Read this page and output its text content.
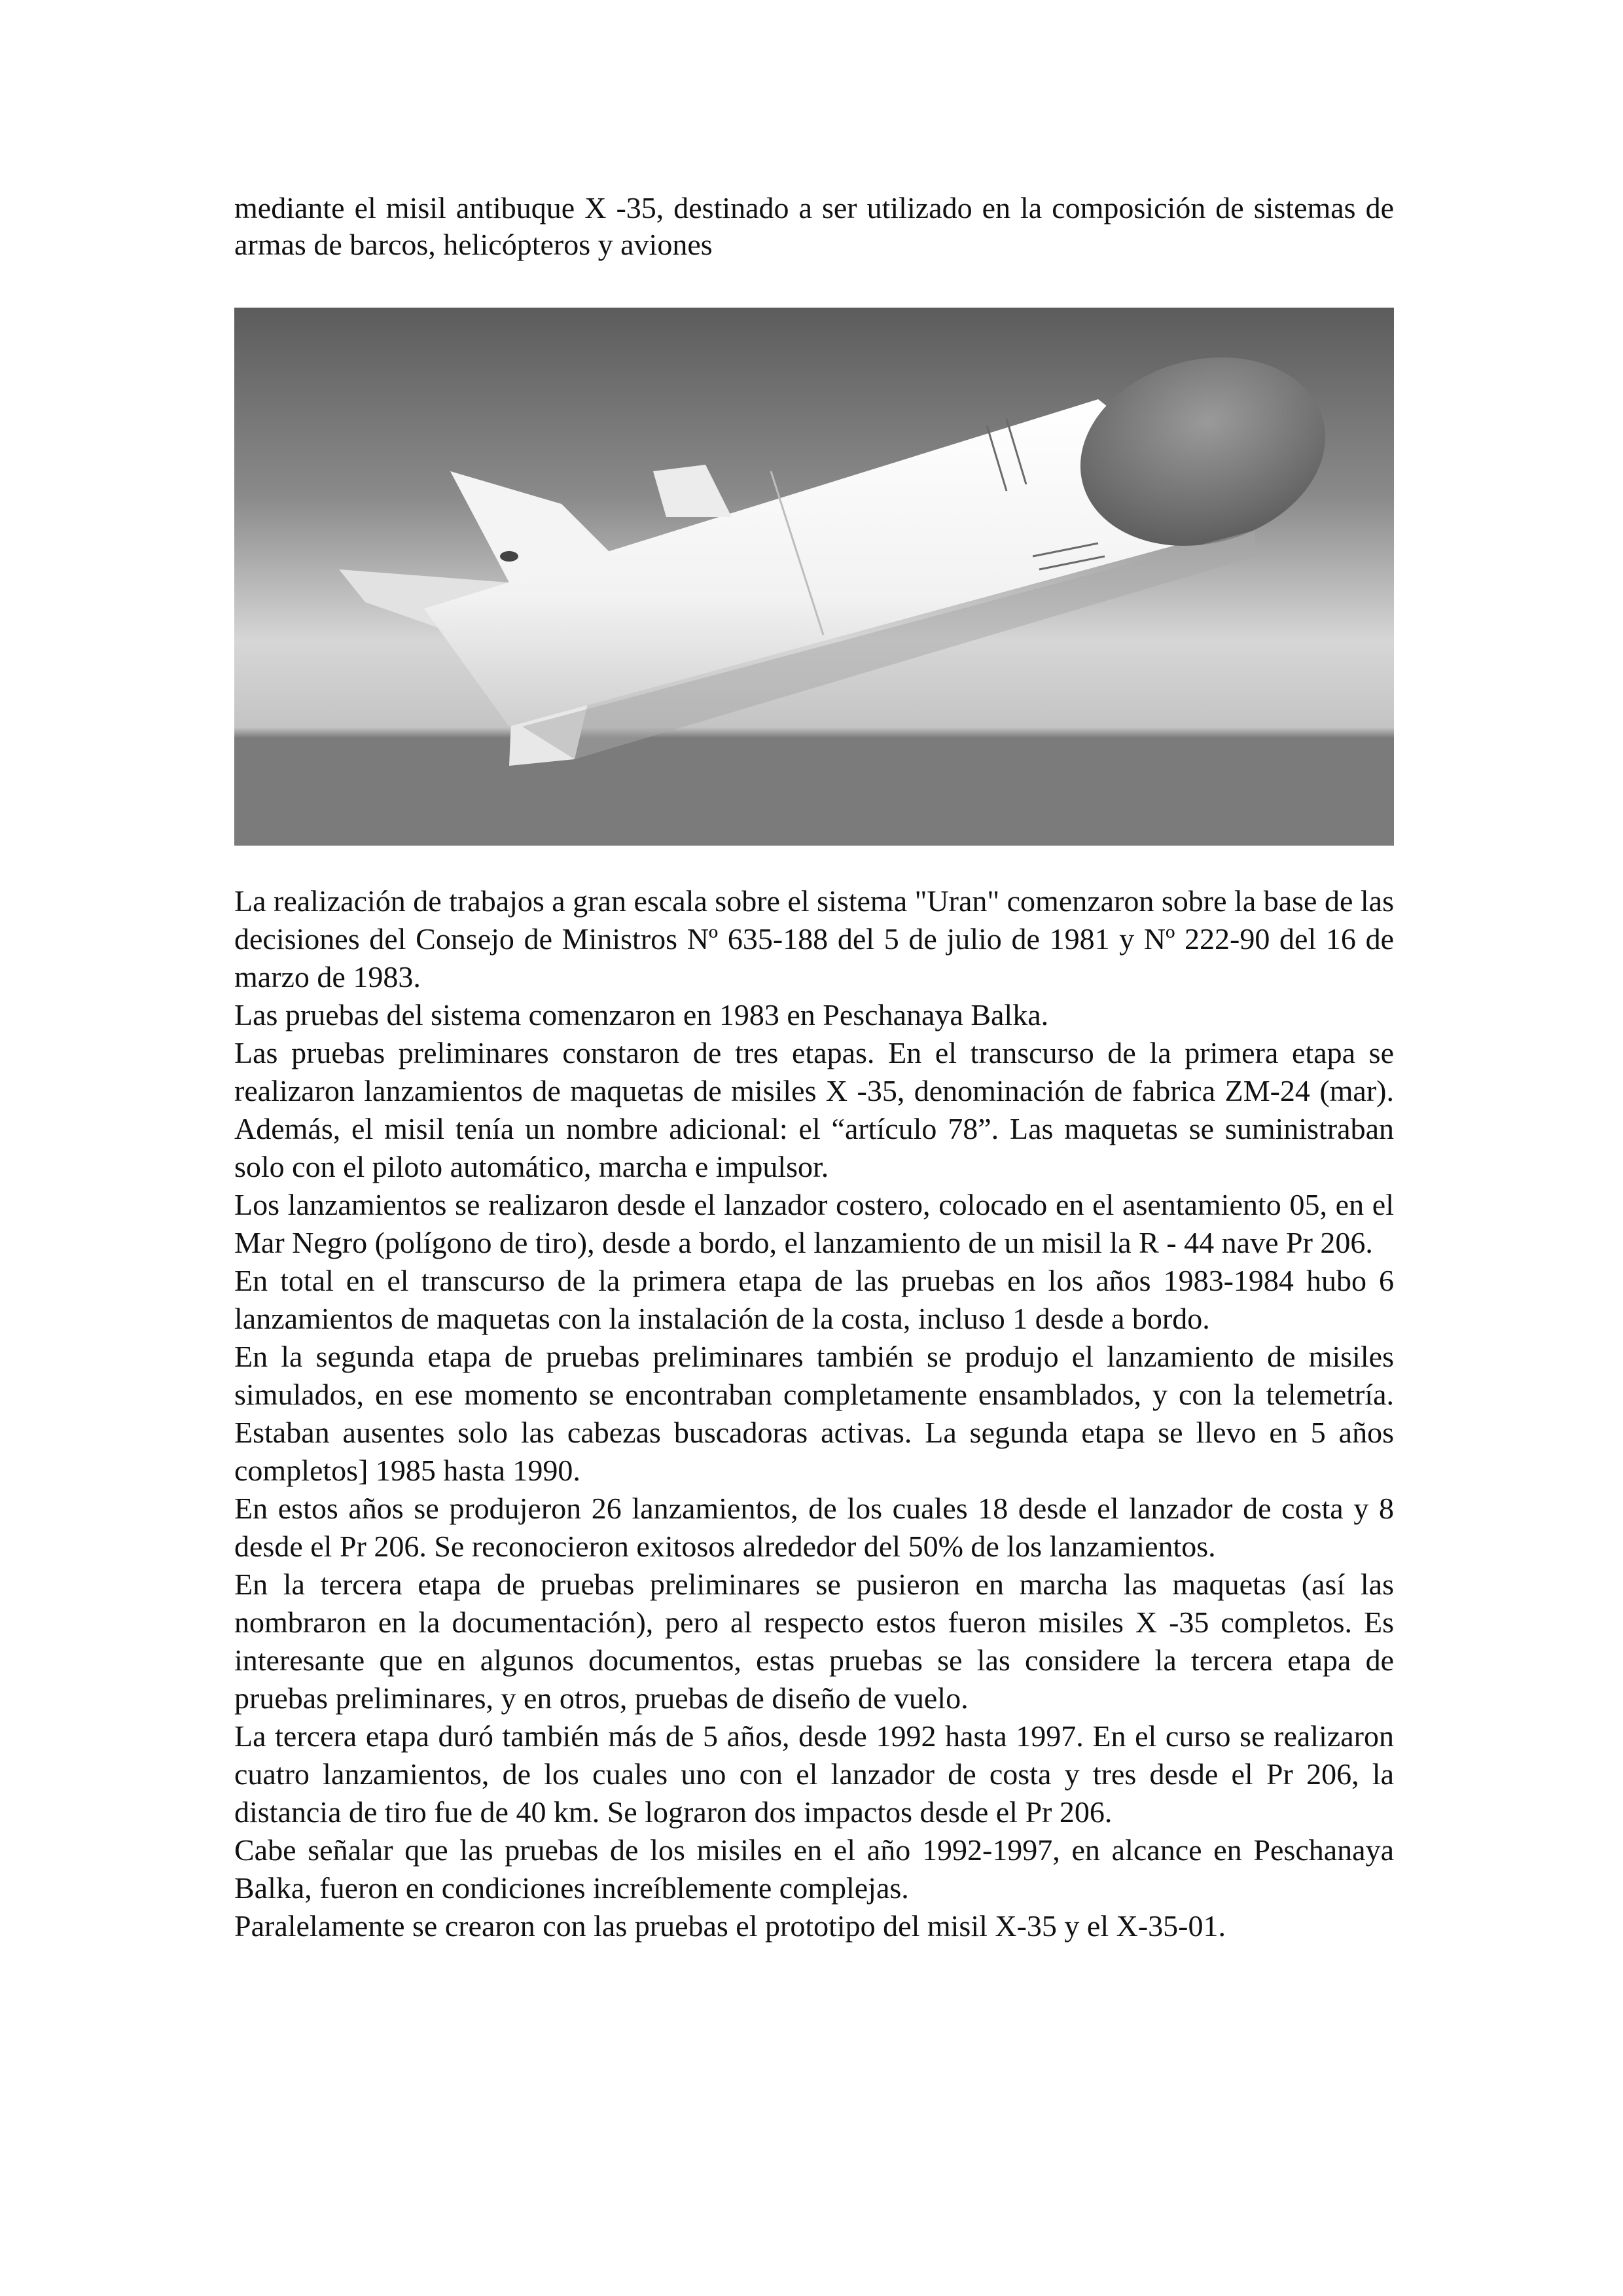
mediante el misil antibuque X -35, destinado a ser utilizado en la composición de sistemas de armas de barcos, helicópteros y aviones

La realización de trabajos a gran escala sobre el sistema "Uran" comenzaron sobre la base de las decisiones del Consejo de Ministros Nº 635-188 del 5 de julio de 1981 y Nº 222-90 del 16 de marzo de 1983.

Las pruebas del sistema comenzaron en 1983 en Peschanaya Balka.

Las pruebas preliminares constaron de tres etapas. En el transcurso de la primera etapa se realizaron lanzamientos de maquetas de misiles X -35, denominación de fabrica ZM-24 (mar). Además, el misil tenía un nombre adicional: el “artículo 78”. Las maquetas se suministraban solo con el piloto automático, marcha e impulsor.

Los lanzamientos se realizaron desde el lanzador costero, colocado en el asentamiento 05, en el Mar Negro (polígono de tiro), desde a bordo, el lanzamiento de un misil la R - 44 nave Pr 206.

En total en el transcurso de la primera etapa de las pruebas en los años 1983-1984 hubo 6 lanzamientos de maquetas con la instalación de la costa, incluso 1 desde a bordo.

En la segunda etapa de pruebas preliminares también se produjo el lanzamiento de misiles simulados, en ese momento se encontraban completamente ensamblados, y con la telemetría. Estaban ausentes solo las cabezas buscadoras activas. La segunda etapa se llevo en 5 años completos] 1985 hasta 1990.

En estos años se produjeron 26 lanzamientos, de los cuales 18 desde el lanzador de costa y 8 desde el Pr 206. Se reconocieron exitosos alrededor del 50% de los lanzamientos.

En la tercera etapa de pruebas preliminares se pusieron en marcha las maquetas (así las nombraron en la documentación), pero al respecto estos fueron misiles X -35 completos. Es interesante que en algunos documentos, estas pruebas se las considere la tercera etapa de pruebas preliminares, y en otros, pruebas de diseño de vuelo.

La tercera etapa duró también más de 5 años, desde 1992 hasta 1997. En el curso se realizaron cuatro lanzamientos, de los cuales uno con el lanzador de costa y tres desde el Pr 206, la distancia de tiro fue de 40 km. Se lograron dos impactos desde el Pr 206.

Cabe señalar que las pruebas de los misiles en el año 1992-1997, en alcance en Peschanaya Balka, fueron en condiciones increíblemente complejas.

Paralelamente se crearon con las pruebas el prototipo del misil X-35 y el X-35-01.
